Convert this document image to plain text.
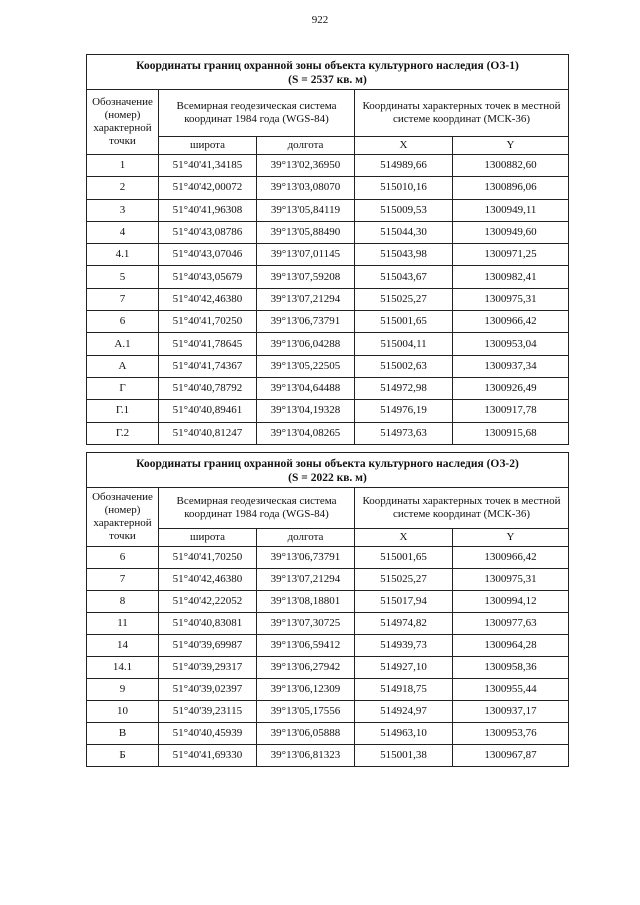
922
Координаты границ охранной зоны объекта культурного наследия (ОЗ-1)
(S = 2537 кв. м)				

Обозначение (номер) характерной точки	Всемирная геодезическая система координат 1984 года (WGS-84)		Координаты характерных точек в местной системе координат (МСК-36)	
	широта	долгота	X	Y
1	51°40'41,34185	39°13'02,36950	514989,66	1300882,60
2	51°40'42,00072	39°13'03,08070	515010,16	1300896,06
3	51°40'41,96308	39°13'05,84119	515009,53	1300949,11
4	51°40'43,08786	39°13'05,88490	515044,30	1300949,60
4.1	51°40'43,07046	39°13'07,01145	515043,98	1300971,25
5	51°40'43,05679	39°13'07,59208	515043,67	1300982,41
7	51°40'42,46380	39°13'07,21294	515025,27	1300975,31
6	51°40'41,70250	39°13'06,73791	515001,65	1300966,42
А.1	51°40'41,78645	39°13'06,04288	515004,11	1300953,04
А	51°40'41,74367	39°13'05,22505	515002,63	1300937,34
Г	51°40'40,78792	39°13'04,64488	514972,98	1300926,49
Г.1	51°40'40,89461	39°13'04,19328	514976,19	1300917,78
Г.2	51°40'40,81247	39°13'04,08265	514973,63	1300915,68
Координаты границ охранной зоны объекта культурного наследия (ОЗ-2)
(S = 2022 кв. м)				

Обозначение (номер) характерной точки	Всемирная геодезическая система координат 1984 года (WGS-84)		Координаты характерных точек в местной системе координат (МСК-36)	
	широта	долгота	X	Y
6	51°40'41,70250	39°13'06,73791	515001,65	1300966,42
7	51°40'42,46380	39°13'07,21294	515025,27	1300975,31
8	51°40'42,22052	39°13'08,18801	515017,94	1300994,12
11	51°40'40,83081	39°13'07,30725	514974,82	1300977,63
14	51°40'39,69987	39°13'06,59412	514939,73	1300964,28
14.1	51°40'39,29317	39°13'06,27942	514927,10	1300958,36
9	51°40'39,02397	39°13'06,12309	514918,75	1300955,44
10	51°40'39,23115	39°13'05,17556	514924,97	1300937,17
В	51°40'40,45939	39°13'06,05888	514963,10	1300953,76
Б	51°40'41,69330	39°13'06,81323	515001,38	1300967,87
